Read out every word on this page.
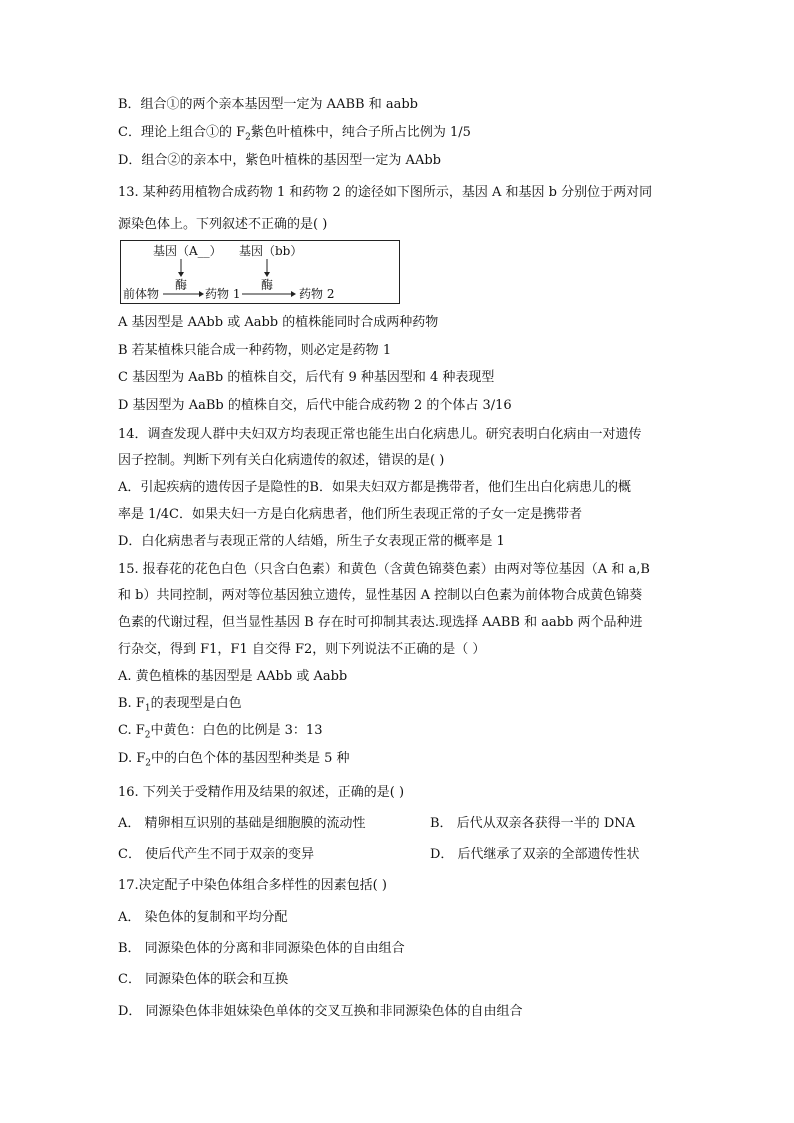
B．组合①的两个亲本基因型一定为 AABB 和 aabb
C．理论上组合①的 $F_2$紫色叶植株中，纯合子所占比例为 1/5
D．组合②的亲本中，紫色叶植株的基因型一定为 AAbb
13. 某种药用植物合成药物 1 和药物 2 的途径如下图所示，基因 A 和基因 b 分别位于两对同
源染色体上。下列叙述不正确的是( )
基因（A__） 基因（bb）
酶	酶
前体物	药物 1	药物 2
A 基因型是 AAbb 或 Aabb 的植株能同时合成两种药物
B 若某植株只能合成一种药物，则必定是药物 1
C 基因型为 AaBb 的植株自交，后代有 9 种基因型和 4 种表现型
D 基因型为 AaBb 的植株自交，后代中能合成药物 2 的个体占 3/16
14．调查发现人群中夫妇双方均表现正常也能生出白化病患儿。研究表明白化病由一对遗传
因子控制。判断下列有关白化病遗传的叙述，错误的是( )
A．引起疾病的遗传因子是隐性的B．如果夫妇双方都是携带者，他们生出白化病患儿的概
率是 1/4C．如果夫妇一方是白化病患者，他们所生表现正常的子女一定是携带者
D．白化病患者与表现正常的人结婚，所生子女表现正常的概率是 1
15. 报春花的花色白色（只含白色素）和黄色（含黄色锦葵色素）由两对等位基因（A 和 a,B
和 b）共同控制，两对等位基因独立遗传，显性基因 A 控制以白色素为前体物合成黄色锦葵
色素的代谢过程，但当显性基因 B 存在时可抑制其表达.现选择 AABB 和 aabb 两个品种进
行杂交，得到 F1，F1 自交得 F2，则下列说法不正确的是（ ）
A. 黄色植株的基因型是 AAbb 或 Aabb
B. $F_1$的表现型是白色
C. $F_2$中黄色：白色的比例是 3：13
D. $F_2$中的白色个体的基因型种类是 5 种
16. 下列关于受精作用及结果的叙述，正确的是( )
A． 精卵相互识别的基础是细胞膜的流动性	B． 后代从双亲各获得一半的 DNA
C． 使后代产生不同于双亲的变异	D． 后代继承了双亲的全部遗传性状
17.决定配子中染色体组合多样性的因素包括( )
A． 染色体的复制和平均分配
B． 同源染色体的分离和非同源染色体的自由组合
C． 同源染色体的联会和互换
D． 同源染色体非姐妹染色单体的交叉互换和非同源染色体的自由组合
